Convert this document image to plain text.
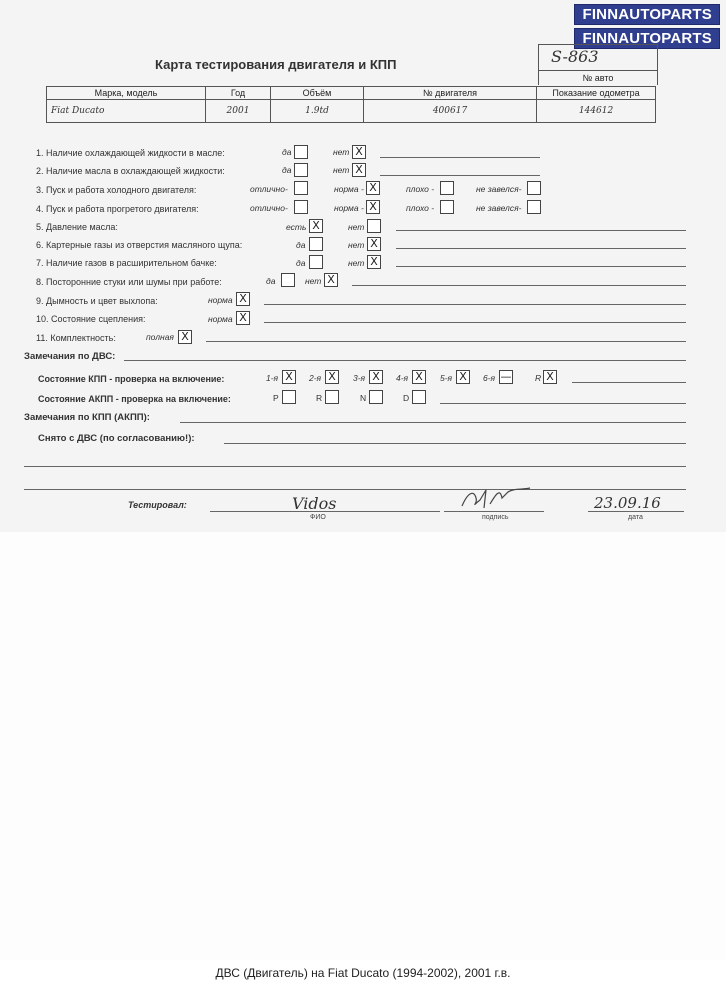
FINNAUTOPARTS
FINNAUTOPARTS
Карта тестирования двигателя и КПП	S-863
№ авто
Марка, модель	Год	Объём	№ двигателя	Показание одометра
Fiat Ducato	2001	1.9td	400617	144612
1. Наличие охлаждающей жидкости в масле:	да	нет X
2. Наличие масла в охлаждающей жидкости:	да	нет X
3. Пуск и работа холодного двигателя:	отлично-	норма - X	плохо -	не завелся-
4. Пуск и работа прогретого двигателя:	отлично-	норма - X	плохо -	не завелся-
5. Давление масла:	есть X	нет
6. Картерные газы из отверстия масляного щупа:	да	нет X
7. Наличие газов в расширительном бачке:	да	нет X
8. Посторонние стуки или шумы при работе:	да	нет X
9. Дымность и цвет выхлопа:	норма X
10. Состояние сцепления:	норма X
11. Комплектность:	полная X
Замечания по ДВС:
Состояние КПП - проверка на включение:	1-я X	2-я X	3-я X	4-я X	5-я X	6-я —	R X
Состояние АКПП - проверка на включение:	P	R	N	D
Замечания по КПП (АКПП):
Снято с ДВС (по согласованию!):
Тестировал:	Vidos
ФИО	подпись
23.09.16
дата
ДВС (Двигатель) на Fiat Ducato (1994-2002), 2001 г.в.
